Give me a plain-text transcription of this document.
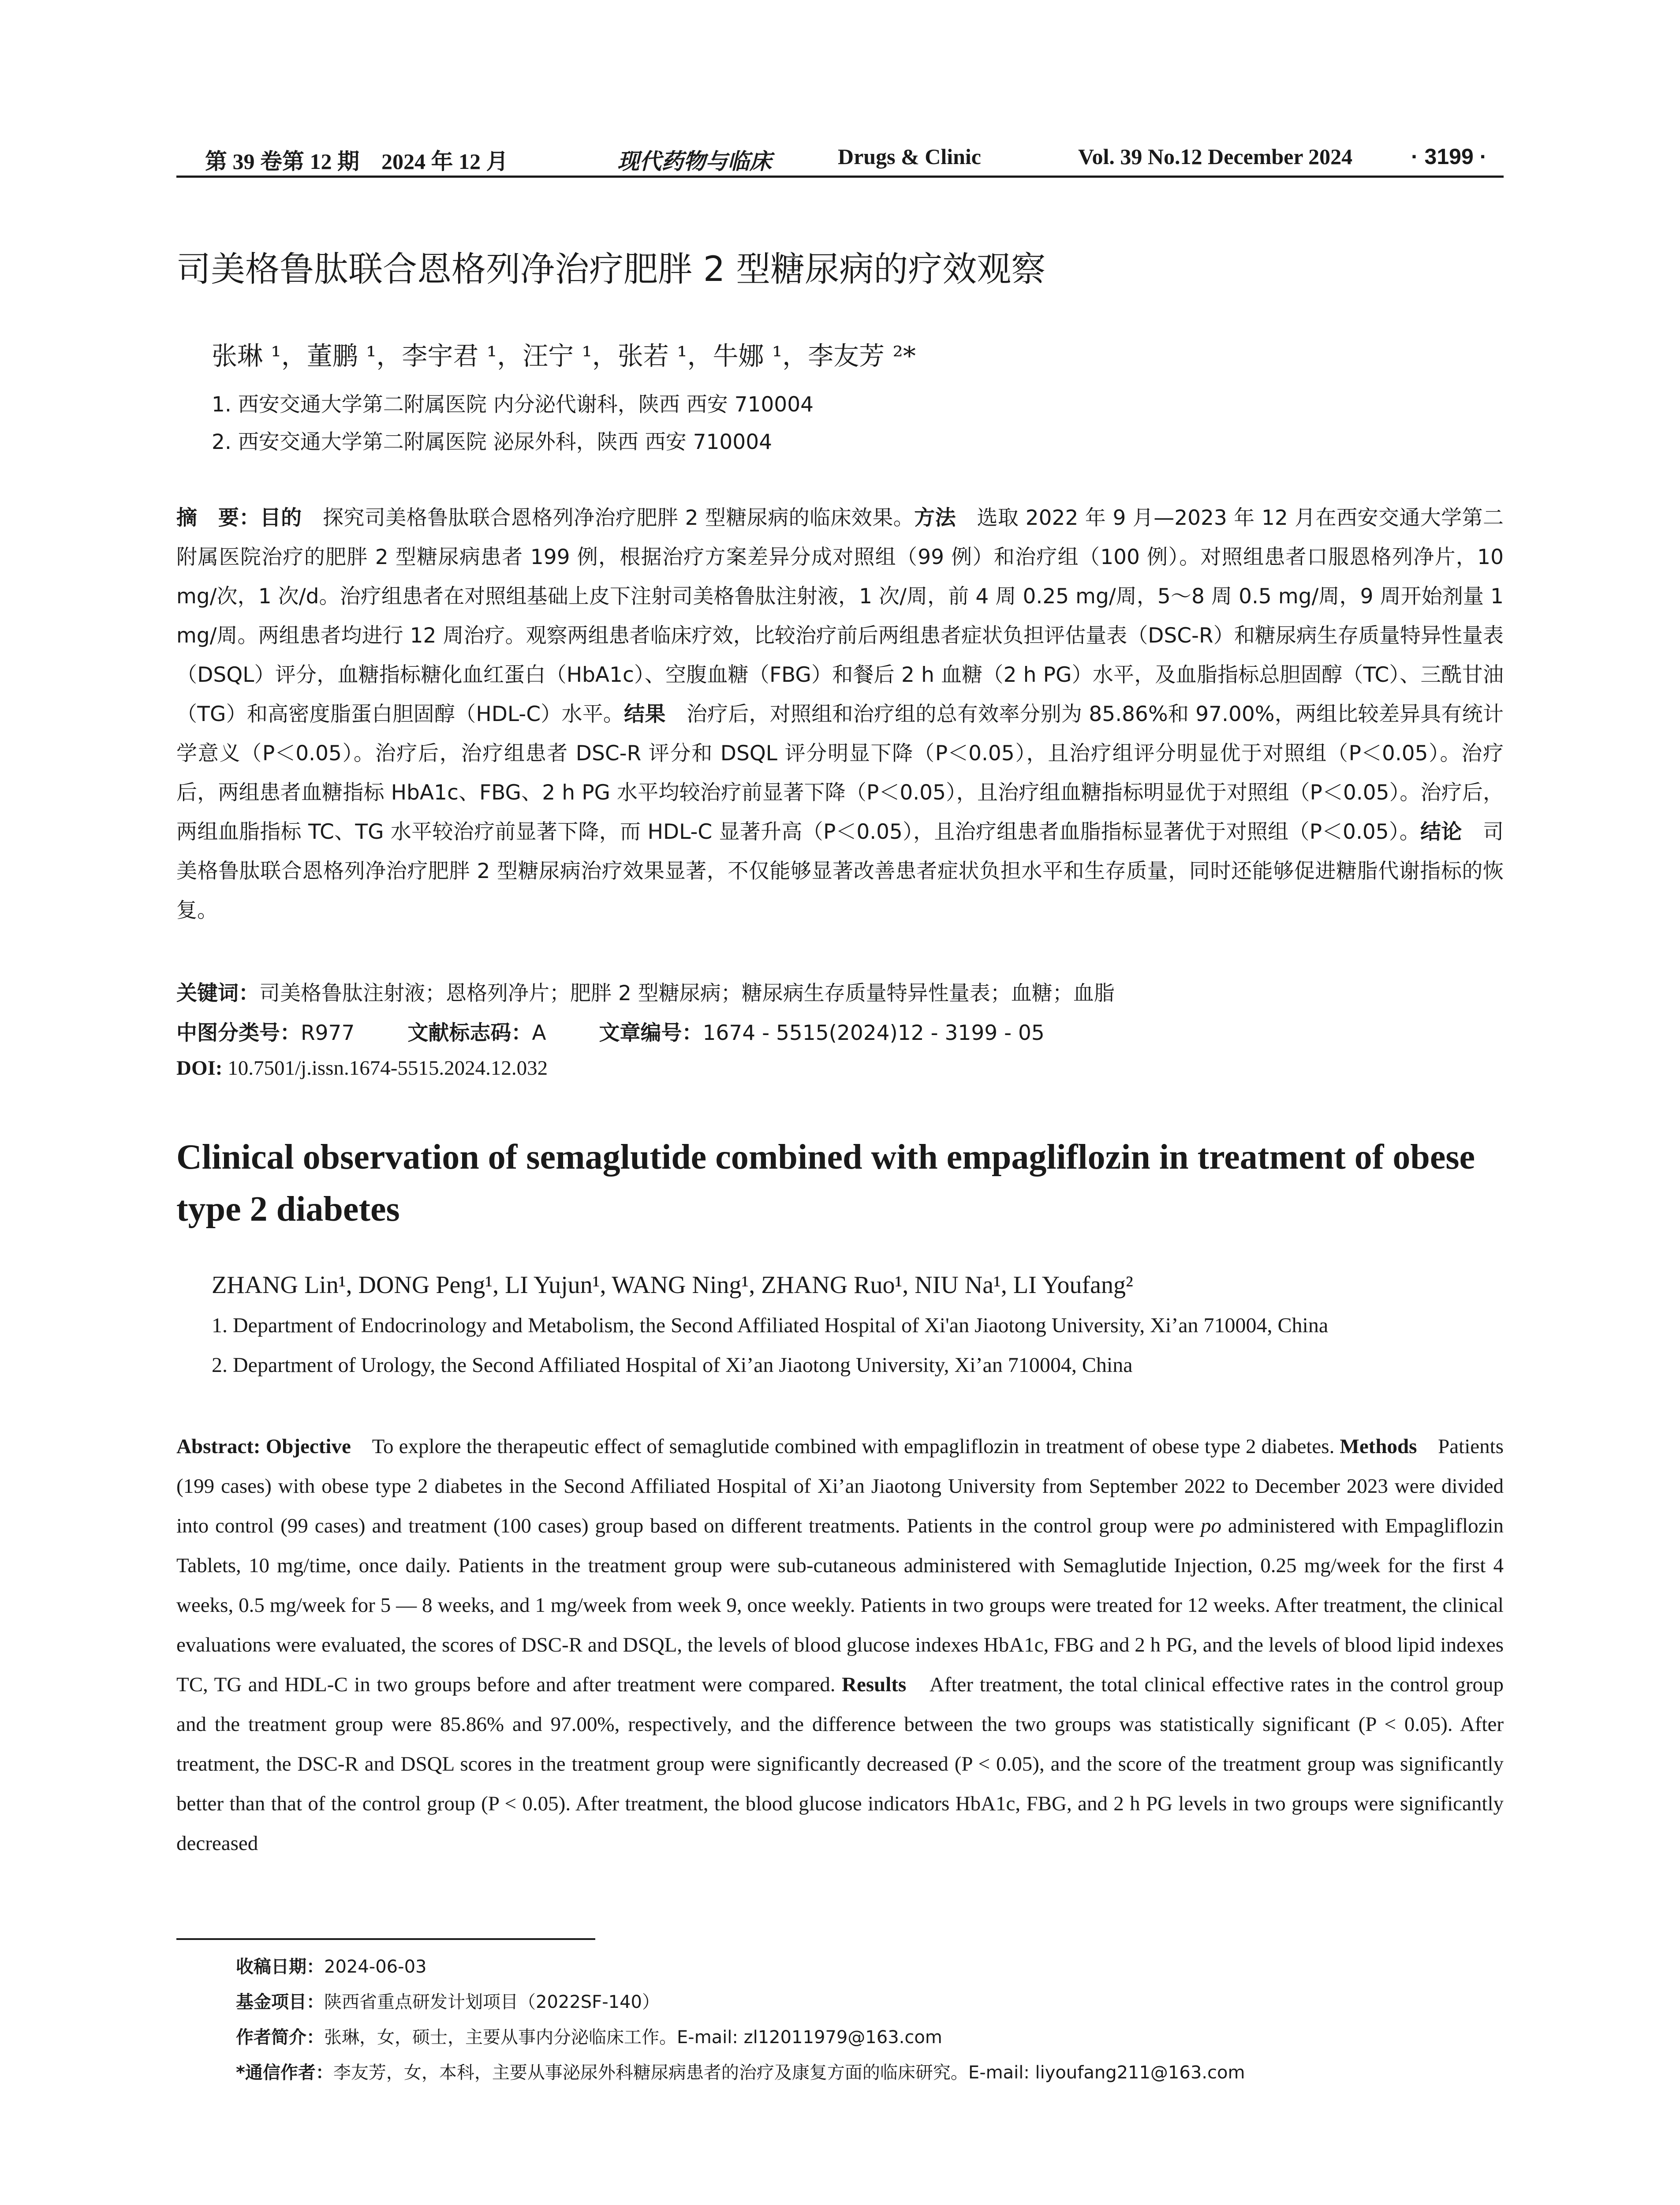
第 39 卷第 12 期　2024 年 12 月	现代药物与临床	Drugs & Clinic	Vol. 39 No.12 December 2024	· 3199 ·
司美格鲁肽联合恩格列净治疗肥胖 2 型糖尿病的疗效观察
张琳 ¹，董鹏 ¹，李宇君 ¹，汪宁 ¹，张若 ¹，牛娜 ¹，李友芳 ²*
1. 西安交通大学第二附属医院 内分泌代谢科，陕西 西安 710004
2. 西安交通大学第二附属医院 泌尿外科，陕西 西安 710004
摘　要：目的　探究司美格鲁肽联合恩格列净治疗肥胖 2 型糖尿病的临床效果。方法　选取 2022 年 9 月—2023 年 12 月在西安交通大学第二附属医院治疗的肥胖 2 型糖尿病患者 199 例，根据治疗方案差异分成对照组（99 例）和治疗组（100 例）。对照组患者口服恩格列净片，10 mg/次，1 次/d。治疗组患者在对照组基础上皮下注射司美格鲁肽注射液，1 次/周，前 4 周 0.25 mg/周，5～8 周 0.5 mg/周，9 周开始剂量 1 mg/周。两组患者均进行 12 周治疗。观察两组患者临床疗效，比较治疗前后两组患者症状负担评估量表（DSC-R）和糖尿病生存质量特异性量表（DSQL）评分，血糖指标糖化血红蛋白（HbA1c）、空腹血糖（FBG）和餐后 2 h 血糖（2 h PG）水平，及血脂指标总胆固醇（TC）、三酰甘油（TG）和高密度脂蛋白胆固醇（HDL-C）水平。结果　治疗后，对照组和治疗组的总有效率分别为 85.86%和 97.00%，两组比较差异具有统计学意义（P＜0.05）。治疗后，治疗组患者 DSC-R 评分和 DSQL 评分明显下降（P＜0.05），且治疗组评分明显优于对照组（P＜0.05）。治疗后，两组患者血糖指标 HbA1c、FBG、2 h PG 水平均较治疗前显著下降（P＜0.05），且治疗组血糖指标明显优于对照组（P＜0.05）。治疗后，两组血脂指标 TC、TG 水平较治疗前显著下降，而 HDL-C 显著升高（P＜0.05），且治疗组患者血脂指标显著优于对照组（P＜0.05）。结论　司美格鲁肽联合恩格列净治疗肥胖 2 型糖尿病治疗效果显著，不仅能够显著改善患者症状负担水平和生存质量，同时还能够促进糖脂代谢指标的恢复。
关键词：司美格鲁肽注射液；恩格列净片；肥胖 2 型糖尿病；糖尿病生存质量特异性量表；血糖；血脂
中图分类号：R977	文献标志码：A	文章编号：1674 - 5515(2024)12 - 3199 - 05
DOI: 10.7501/j.issn.1674-5515.2024.12.032
Clinical observation of semaglutide combined with empagliflozin in treatment of obese type 2 diabetes
ZHANG Lin¹, DONG Peng¹, LI Yujun¹, WANG Ning¹, ZHANG Ruo¹, NIU Na¹, LI Youfang²
1. Department of Endocrinology and Metabolism, the Second Affiliated Hospital of Xi'an Jiaotong University, Xi’an 710004, China
2. Department of Urology, the Second Affiliated Hospital of Xi’an Jiaotong University, Xi’an 710004, China
Abstract: Objective　To explore the therapeutic effect of semaglutide combined with empagliflozin in treatment of obese type 2 diabetes. Methods　Patients (199 cases) with obese type 2 diabetes in the Second Affiliated Hospital of Xi’an Jiaotong University from September 2022 to December 2023 were divided into control (99 cases) and treatment (100 cases) group based on different treatments. Patients in the control group were po administered with Empagliflozin Tablets, 10 mg/time, once daily. Patients in the treatment group were sub-cutaneous administered with Semaglutide Injection, 0.25 mg/week for the first 4 weeks, 0.5 mg/week for 5 — 8 weeks, and 1 mg/week from week 9, once weekly. Patients in two groups were treated for 12 weeks. After treatment, the clinical evaluations were evaluated, the scores of DSC-R and DSQL, the levels of blood glucose indexes HbA1c, FBG and 2 h PG, and the levels of blood lipid indexes TC, TG and HDL-C in two groups before and after treatment were compared. Results　After treatment, the total clinical effective rates in the control group and the treatment group were 85.86% and 97.00%, respectively, and the difference between the two groups was statistically significant (P < 0.05). After treatment, the DSC-R and DSQL scores in the treatment group were significantly decreased (P < 0.05), and the score of the treatment group was significantly better than that of the control group (P < 0.05). After treatment, the blood glucose indicators HbA1c, FBG, and 2 h PG levels in two groups were significantly decreased
收稿日期：2024-06-03
基金项目：陕西省重点研发计划项目（2022SF-140）
作者简介：张琳，女，硕士，主要从事内分泌临床工作。E-mail: zl12011979@163.com
*通信作者：李友芳，女，本科，主要从事泌尿外科糖尿病患者的治疗及康复方面的临床研究。E-mail: liyoufang211@163.com
